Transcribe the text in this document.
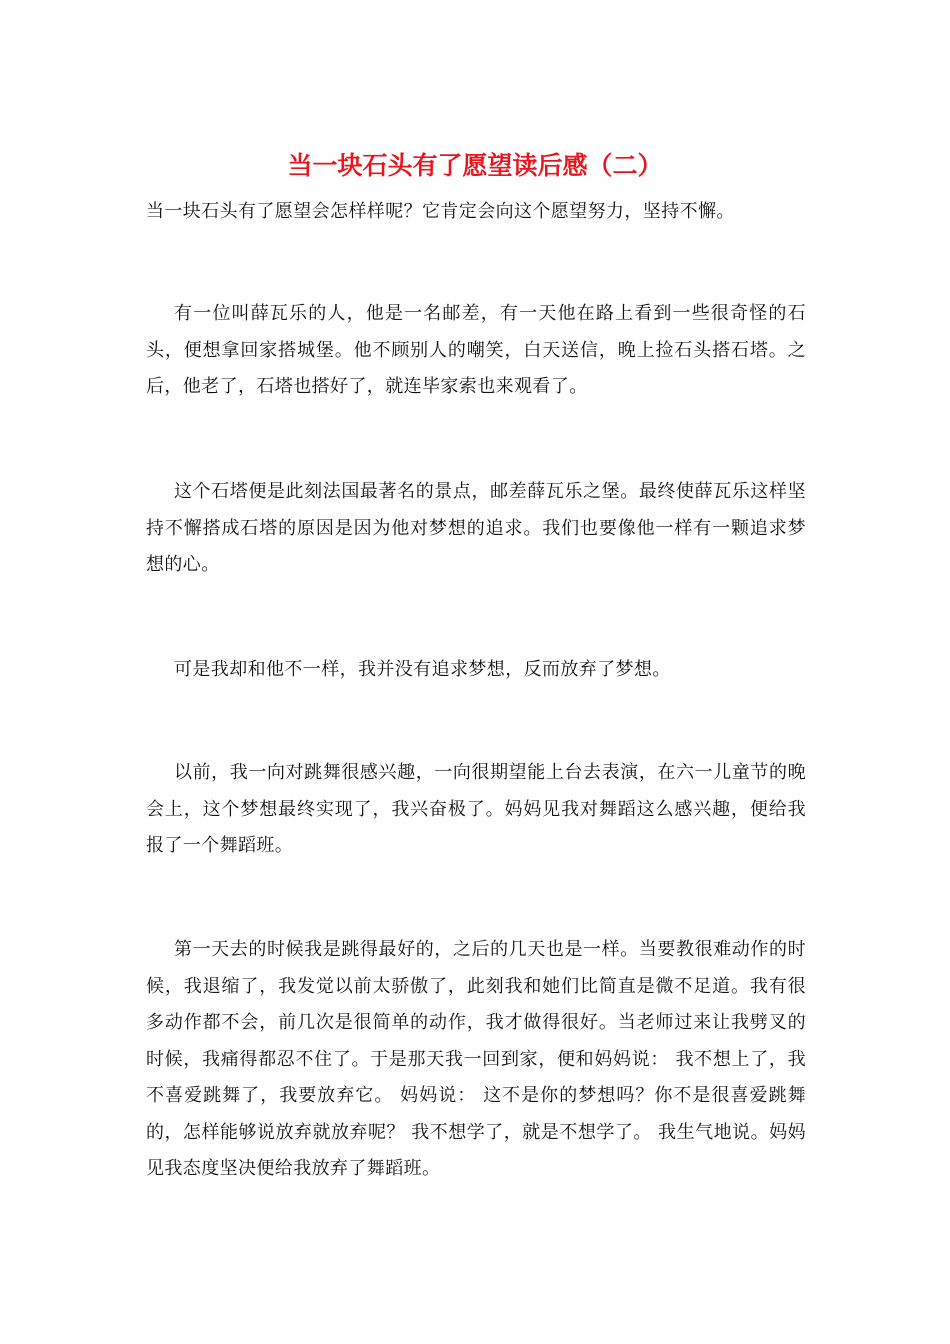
当一块石头有了愿望读后感（二）

当一块石头有了愿望会怎样样呢？它肯定会向这个愿望努力，坚持不懈。

有一位叫薛瓦乐的人，他是一名邮差，有一天他在路上看到一些很奇怪的石头，便想拿回家搭城堡。他不顾别人的嘲笑，白天送信，晚上捡石头搭石塔。之后，他老了，石塔也搭好了，就连毕家索也来观看了。

这个石塔便是此刻法国最著名的景点，邮差薛瓦乐之堡。最终使薛瓦乐这样坚持不懈搭成石塔的原因是因为他对梦想的追求。我们也要像他一样有一颗追求梦想的心。

可是我却和他不一样，我并没有追求梦想，反而放弃了梦想。

以前，我一向对跳舞很感兴趣，一向很期望能上台去表演，在六一儿童节的晚会上，这个梦想最终实现了，我兴奋极了。妈妈见我对舞蹈这么感兴趣，便给我报了一个舞蹈班。

第一天去的时候我是跳得最好的，之后的几天也是一样。当要教很难动作的时候，我退缩了，我发觉以前太骄傲了，此刻我和她们比简直是微不足道。我有很多动作都不会，前几次是很简单的动作，我才做得很好。当老师过来让我劈叉的时候，我痛得都忍不住了。于是那天我一回到家，便和妈妈说： 我不想上了，我不喜爱跳舞了，我要放弃它。 妈妈说： 这不是你的梦想吗？你不是很喜爱跳舞的，怎样能够说放弃就放弃呢？ 我不想学了，就是不想学了。 我生气地说。妈妈见我态度坚决便给我放弃了舞蹈班。
